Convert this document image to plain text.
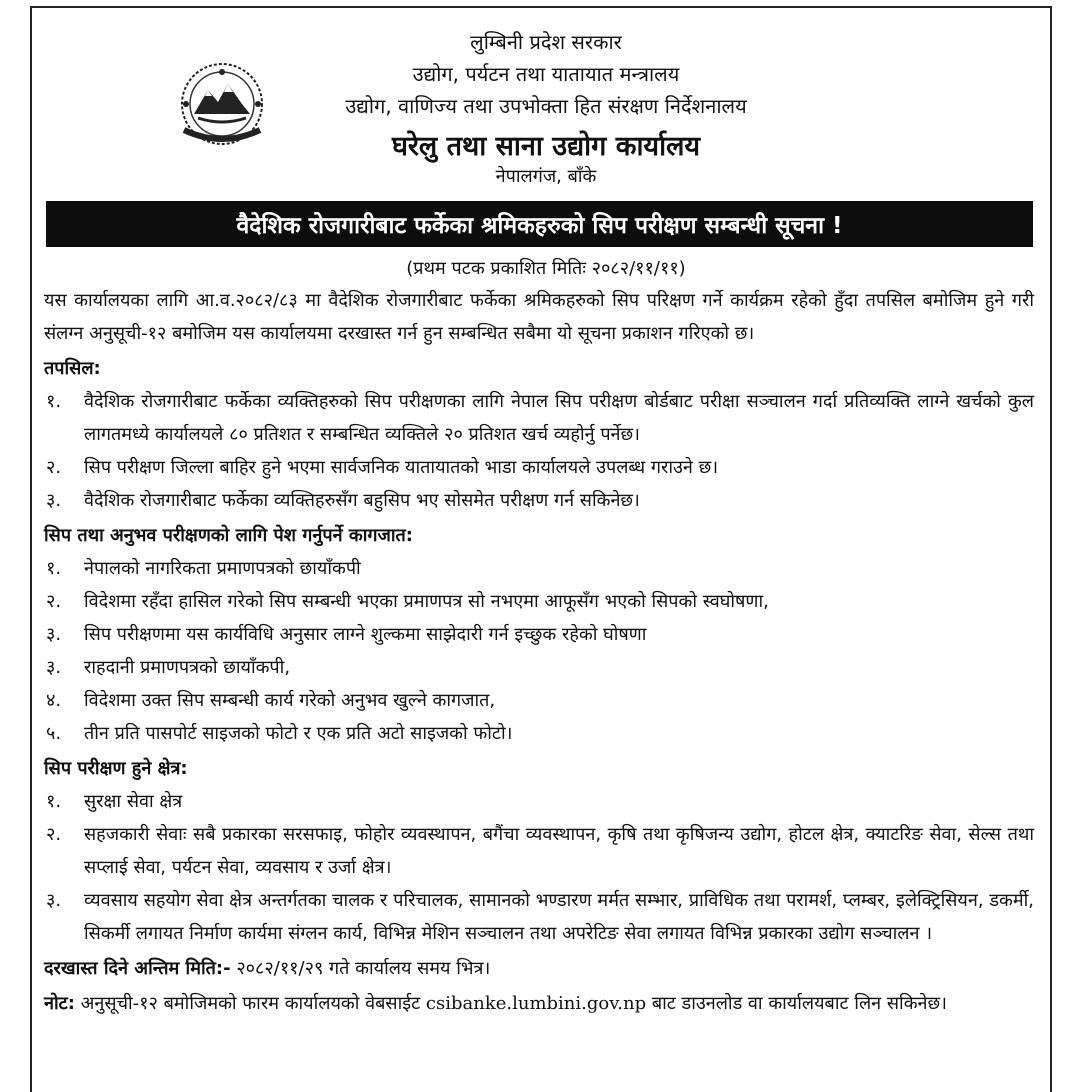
लुम्बिनी प्रदेश सरकार
उद्योग, पर्यटन तथा यातायात मन्त्रालय
उद्योग, वाणिज्य तथा उपभोक्ता हित संरक्षण निर्देशनालय
घरेलु तथा साना उद्योग कार्यालय
नेपालगंज, बाँके
वैदेशिक रोजगारीबाट फर्केका श्रमिकहरुको सिप परीक्षण सम्बन्धी सूचना !
(प्रथम पटक प्रकाशित मितिः २०८२/११/११)

यस कार्यालयका लागि आ.व.२०८२/८३ मा वैदेशिक रोजगारीबाट फर्केका श्रमिकहरुको सिप परिक्षण गर्ने कार्यक्रम रहेको हुँदा तपसिल बमोजिम हुने गरी संलग्न अनुसूची-१२ बमोजिम यस कार्यालयमा दरखास्त गर्न हुन सम्बन्धित सबैमा यो सूचना प्रकाशन गरिएको छ।

तपसिल:
१.	वैदेशिक रोजगारीबाट फर्केका व्यक्तिहरुको सिप परीक्षणका लागि नेपाल सिप परीक्षण बोर्डबाट परीक्षा सञ्चालन गर्दा प्रतिव्यक्ति लाग्ने खर्चको कुल लागतमध्ये कार्यालयले ८० प्रतिशत र सम्बन्धित व्यक्तिले २० प्रतिशत खर्च व्यहोर्नु पर्नेछ।
२.	सिप परीक्षण जिल्ला बाहिर हुने भएमा सार्वजनिक यातायातको भाडा कार्यालयले उपलब्ध गराउने छ।
३.	वैदेशिक रोजगारीबाट फर्केका व्यक्तिहरुसँग बहुसिप भए सोसमेत परीक्षण गर्न सकिनेछ।
सिप तथा अनुभव परीक्षणको लागि पेश गर्नुपर्ने कागजात:
१.	नेपालको नागरिकता प्रमाणपत्रको छायाँकपी
२.	विदेशमा रहँदा हासिल गरेको सिप सम्बन्धी भएका प्रमाणपत्र सो नभएमा आफूसँग भएको सिपको स्वघोषणा,
३.	सिप परीक्षणमा यस कार्यविधि अनुसार लाग्ने शुल्कमा साझेदारी गर्न इच्छुक रहेको घोषणा
३.	राहदानी प्रमाणपत्रको छायाँकपी,
४.	विदेशमा उक्त सिप सम्बन्धी कार्य गरेको अनुभव खुल्ने कागजात,
५.	तीन प्रति पासपोर्ट साइजको फोटो र एक प्रति अटो साइजको फोटो।
सिप परीक्षण हुने क्षेत्र:
१.	सुरक्षा सेवा क्षेत्र
२.	सहजकारी सेवाः सबै प्रकारका सरसफाइ, फोहोर व्यवस्थापन, बगैंचा व्यवस्थापन, कृषि तथा कृषिजन्य उद्योग, होटल क्षेत्र, क्याटरिङ सेवा, सेल्स तथा सप्लाई सेवा, पर्यटन सेवा, व्यवसाय र उर्जा क्षेत्र।
३.	व्यवसाय सहयोग सेवा क्षेत्र अन्तर्गतका चालक र परिचालक, सामानको भण्डारण मर्मत सम्भार, प्राविधिक तथा परामर्श, प्लम्बर, इलेक्ट्रिसियन, डकर्मी, सिकर्मी लगायत निर्माण कार्यमा संग्लन कार्य, विभिन्न मेशिन सञ्चालन तथा अपरेटिङ सेवा लगायत विभिन्न प्रकारका उद्योग सञ्चालन ।
दरखास्त दिने अन्तिम मिति:- २०८२/११/२९ गते कार्यालय समय भित्र।
नोट: अनुसूची-१२ बमोजिमको फारम कार्यालयको वेबसाईट csibanke.lumbini.gov.np बाट डाउनलोड वा कार्यालयबाट लिन सकिनेछ।
